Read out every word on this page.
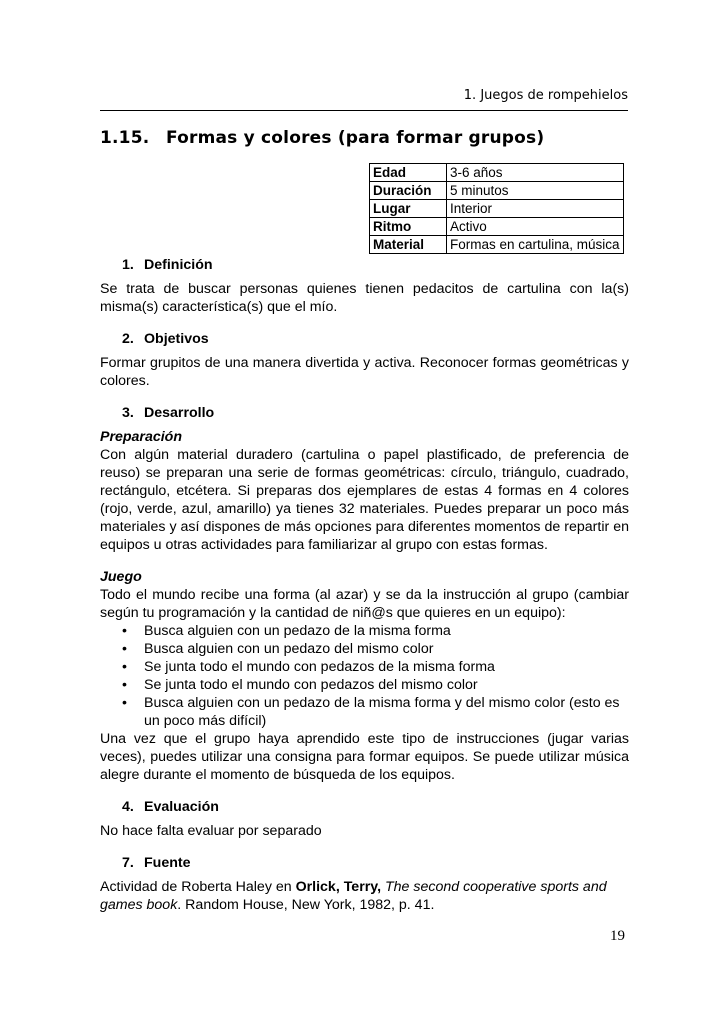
1. Juegos de rompehielos
1.15. Formas y colores (para formar grupos)
Edad	3-6 años
Duración	5 minutos
Lugar	Interior
Ritmo	Activo
Material	Formas en cartulina, música
1. Definición

Se trata de buscar personas quienes tienen pedacitos de cartulina con la(s) misma(s) característica(s) que el mío.

2. Objetivos

Formar grupitos de una manera divertida y activa. Reconocer formas geométricas y colores.

3. Desarrollo
Preparación

Con algún material duradero (cartulina o papel plastificado, de preferencia de reuso) se preparan una serie de formas geométricas: círculo, triángulo, cuadrado, rectángulo, etcétera. Si preparas dos ejemplares de estas 4 formas en 4 colores (rojo, verde, azul, amarillo) ya tienes 32 materiales. Puedes preparar un poco más materiales y así dispones de más opciones para diferentes momentos de repartir en equipos u otras actividades para familiarizar al grupo con estas formas.

Juego

Todo el mundo recibe una forma (al azar) y se da la instrucción al grupo (cambiar según tu programación y la cantidad de niñ@s que quieres en un equipo):

• Busca alguien con un pedazo de la misma forma
• Busca alguien con un pedazo del mismo color
• Se junta todo el mundo con pedazos de la misma forma
• Se junta todo el mundo con pedazos del mismo color
• Busca alguien con un pedazo de la misma forma y del mismo color (esto es un poco más difícil)

Una vez que el grupo haya aprendido este tipo de instrucciones (jugar varias veces), puedes utilizar una consigna para formar equipos. Se puede utilizar música alegre durante el momento de búsqueda de los equipos.

4. Evaluación

No hace falta evaluar por separado

7. Fuente

Actividad de Roberta Haley en Orlick, Terry, The second cooperative sports and games book. Random House, New York, 1982, p. 41.

19
